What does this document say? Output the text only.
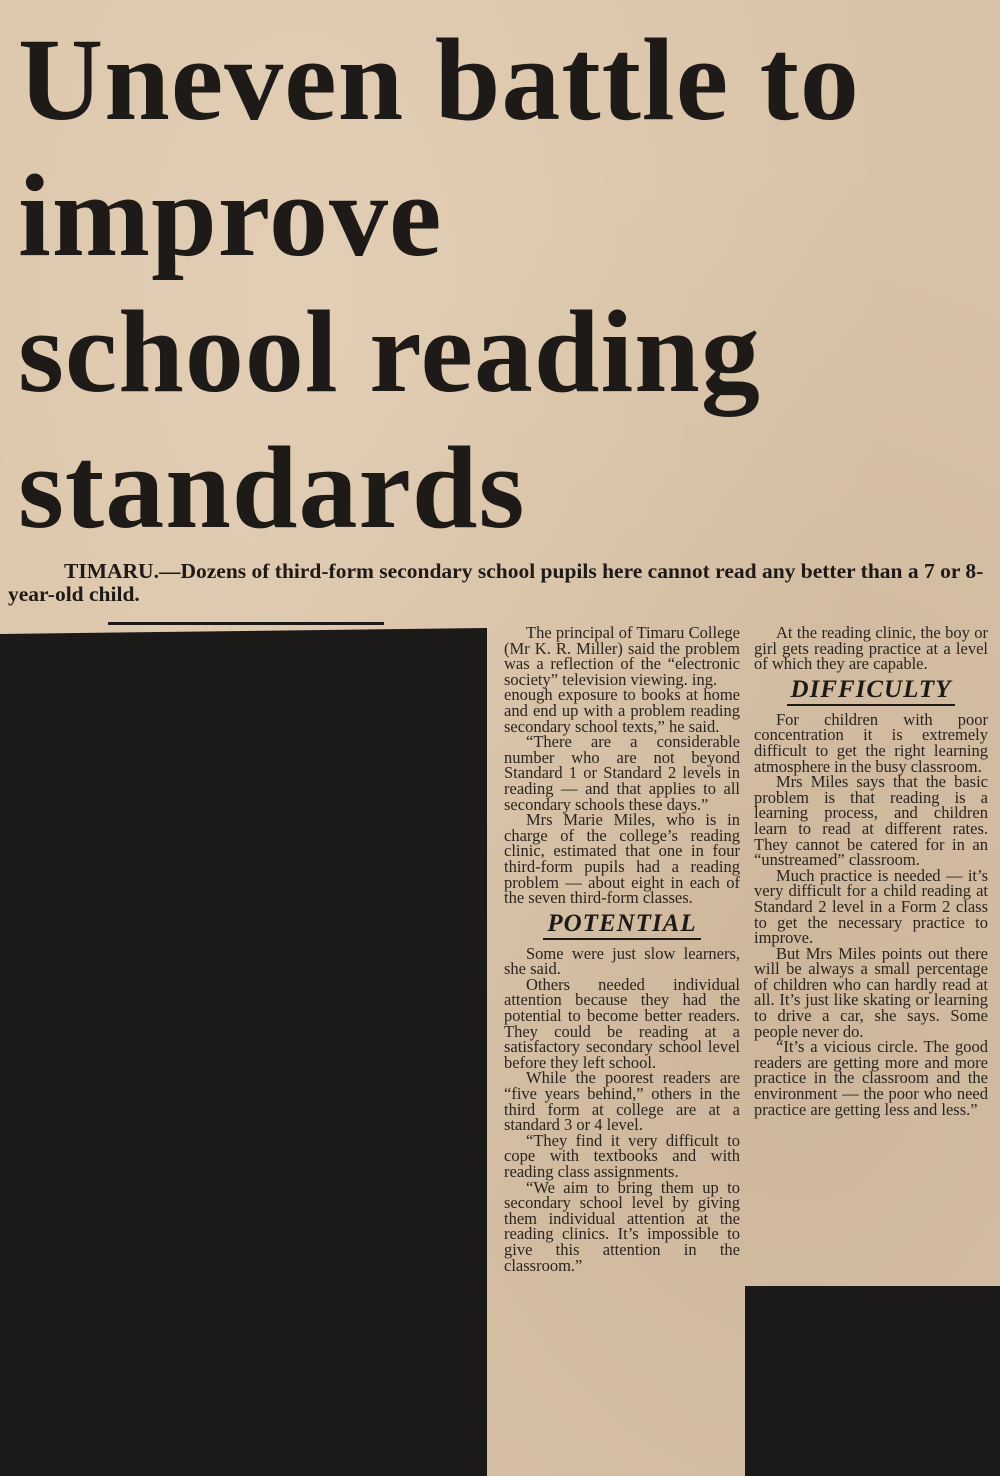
Uneven battle to
improve
school reading
standards

TIMARU.—Dozens of third-form secondary school pupils here cannot read any better than a 7 or 8-year-old child.

The principal of Timaru College (Mr K. R. Miller) said the problem was a reflection of the “electronic society” television viewing. ing.

enough exposure to books at home and end up with a problem reading secondary school texts,” he said.

“There are a considerable number who are not beyond Standard 1 or Standard 2 levels in reading — and that applies to all secondary schools these days.”

Mrs Marie Miles, who is in charge of the college’s reading clinic, estimated that one in four third-form pupils had a reading problem — about eight in each of the seven third-form classes.

POTENTIAL

Some were just slow learners, she said.

Others needed individual attention because they had the potential to become better readers. They could be reading at a satisfactory secondary school level before they left school.

While the poorest readers are “five years behind,” others in the third form at college are at a standard 3 or 4 level.

“They find it very difficult to cope with textbooks and with reading class assignments.

“We aim to bring them up to secondary school level by giving them individual attention at the reading clinics. It’s impossible to give this attention in the classroom.”

At the reading clinic, the boy or girl gets reading practice at a level of which they are capable.

DIFFICULTY

For children with poor concentration it is extremely difficult to get the right learning atmosphere in the busy classroom.

Mrs Miles says that the basic problem is that reading is a learning process, and children learn to read at different rates. They cannot be catered for in an “unstreamed” classroom.

Much practice is needed — it’s very difficult for a child reading at Standard 2 level in a Form 2 class to get the necessary practice to improve.

But Mrs Miles points out there will be always a small percentage of children who can hardly read at all. It’s just like skating or learning to drive a car, she says. Some people never do.

“It’s a vicious circle. The good readers are getting more and more practice in the classroom and the environment — the poor who need practice are getting less and less.”
